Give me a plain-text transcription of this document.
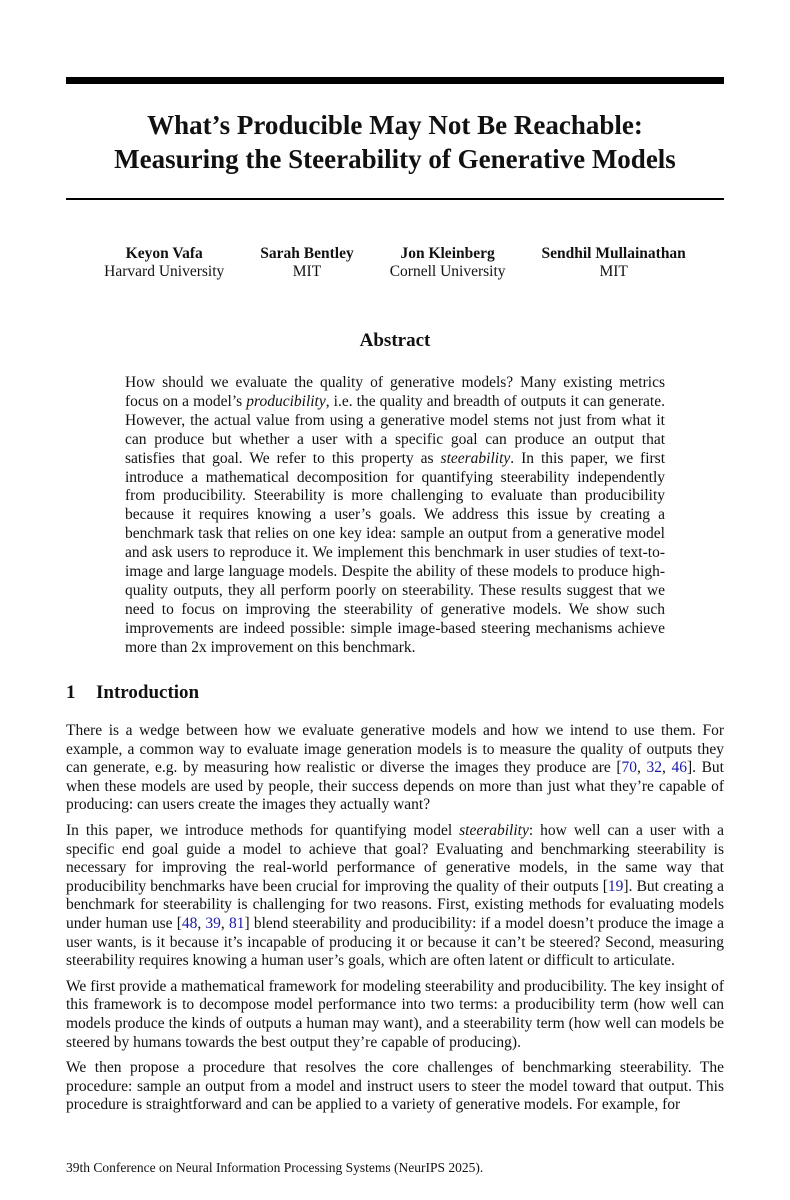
What’s Producible May Not Be Reachable:
Measuring the Steerability of Generative Models
Keyon Vafa
Harvard University
Sarah Bentley
MIT
Jon Kleinberg
Cornell University
Sendhil Mullainathan
MIT
Abstract
How should we evaluate the quality of generative models? Many existing metrics focus on a model’s producibility, i.e. the quality and breadth of outputs it can generate. However, the actual value from using a generative model stems not just from what it can produce but whether a user with a specific goal can produce an output that satisfies that goal. We refer to this property as steerability. In this paper, we first introduce a mathematical decomposition for quantifying steerability independently from producibility. Steerability is more challenging to evaluate than producibility because it requires knowing a user’s goals. We address this issue by creating a benchmark task that relies on one key idea: sample an output from a generative model and ask users to reproduce it. We implement this benchmark in user studies of text-to-image and large language models. Despite the ability of these models to produce high-quality outputs, they all perform poorly on steerability. These results suggest that we need to focus on improving the steerability of generative models. We show such improvements are indeed possible: simple image-based steering mechanisms achieve more than 2x improvement on this benchmark.
1 Introduction

There is a wedge between how we evaluate generative models and how we intend to use them. For example, a common way to evaluate image generation models is to measure the quality of outputs they can generate, e.g. by measuring how realistic or diverse the images they produce are [70, 32, 46]. But when these models are used by people, their success depends on more than just what they’re capable of producing: can users create the images they actually want?

In this paper, we introduce methods for quantifying model steerability: how well can a user with a specific end goal guide a model to achieve that goal? Evaluating and benchmarking steerability is necessary for improving the real-world performance of generative models, in the same way that producibility benchmarks have been crucial for improving the quality of their outputs [19]. But creating a benchmark for steerability is challenging for two reasons. First, existing methods for evaluating models under human use [48, 39, 81] blend steerability and producibility: if a model doesn’t produce the image a user wants, is it because it’s incapable of producing it or because it can’t be steered? Second, measuring steerability requires knowing a human user’s goals, which are often latent or difficult to articulate.

We first provide a mathematical framework for modeling steerability and producibility. The key insight of this framework is to decompose model performance into two terms: a producibility term (how well can models produce the kinds of outputs a human may want), and a steerability term (how well can models be steered by humans towards the best output they’re capable of producing).

We then propose a procedure that resolves the core challenges of benchmarking steerability. The procedure: sample an output from a model and instruct users to steer the model toward that output. This procedure is straightforward and can be applied to a variety of generative models. For example, for

39th Conference on Neural Information Processing Systems (NeurIPS 2025).
